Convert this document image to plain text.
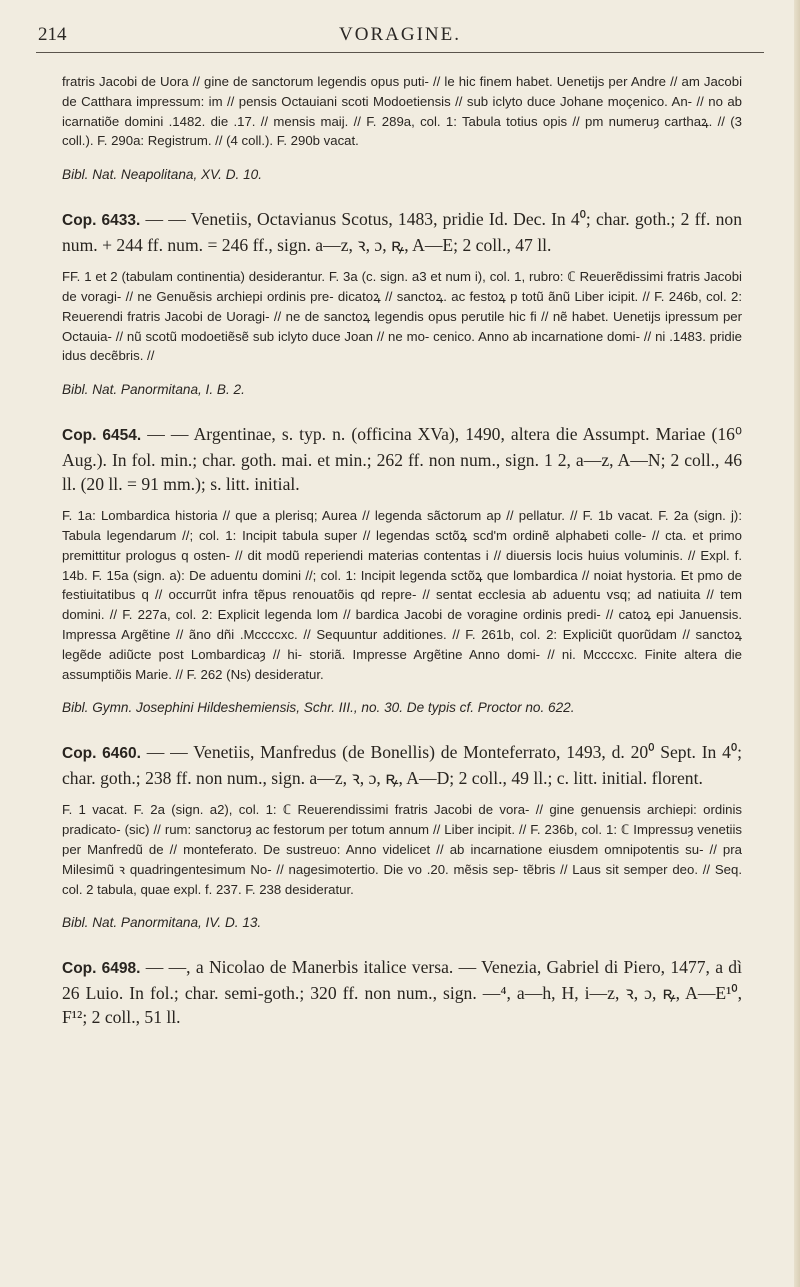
214	VORAGINE.

fratris Jacobi de Uora // gine de sanctorum legendis opus puti- // le hic finem habet. Uenetijs per Andre // am Jacobi de Catthara impressum: im // pensis Octauiani scoti Modoetiensis // sub iclyto duce Johane moçenico. An- // no ab icarnatiõe domini .1482. die .17. // mensis maij. // F. 289a, col. 1: Tabula totius opis // pm numeruȝ carthaꝝ. // (3 coll.). F. 290a: Registrum. // (4 coll.). F. 290b vacat.

Bibl. Nat. Neapolitana, XV. D. 10.

Cop. 6433. — — Venetiis, Octavianus Scotus, 1483, pridie Id. Dec. In 4⁰; char. goth.; 2 ff. non num. + 244 ff. num. = 246 ff., sign. a—z, ꝛ, ɔ, ꝶ, A—E; 2 coll., 47 ll.

FF. 1 et 2 (tabulam continentia) desiderantur. F. 3a (c. sign. a3 et num i), col. 1, rubro: ℂ Reuerẽdissimi fratris Jacobi de voragi- // ne Genuẽsis archiepi ordinis pre- dicatoꝝ // sanctoꝝ. ac festoꝝ p totũ ãnũ Liber icipit. // F. 246b, col. 2: Reuerendi fratris Jacobi de Uoragi- // ne de sanctoꝝ legendis opus perutile hic fi // nẽ habet. Uenetijs ipressum per Octauia- // nũ scotũ modoetiẽsẽ sub iclyto duce Joan // ne mo- cenico. Anno ab incarnatione domi- // ni .1483. pridie idus decẽbris. //

Bibl. Nat. Panormitana, I. B. 2.

Cop. 6454. — — Argentinae, s. typ. n. (officina XVa), 1490, altera die Assumpt. Mariae (16⁰ Aug.). In fol. min.; char. goth. mai. et min.; 262 ff. non num., sign. 1 2, a—z, A—N; 2 coll., 46 ll. (20 ll. = 91 mm.); s. litt. initial.

F. 1a: Lombardica historia // que a plerisq; Aurea // legenda sãctorum ap // pellatur. // F. 1b vacat. F. 2a (sign. j): Tabula legendarum //; col. 1: Incipit tabula super // legendas sctõꝝ scd'm ordinẽ alphabeti colle- // cta. et primo premittitur prologus q osten- // dit modũ reperiendi materias contentas i // diuersis locis huius voluminis. // Expl. f. 14b. F. 15a (sign. a): De aduentu domini //; col. 1: Incipit legenda sctõꝝ que lombardica // noiat hystoria. Et pmo de festiuitatibus q // occurrũt infra tẽpus renouatõis qd repre- // sentat ecclesia ab aduentu vsq; ad natiuita // tem domini. // F. 227a, col. 2: Explicit legenda lom // bardica Jacobi de voragine ordinis predi- // catoꝝ epi Januensis. Impressa Argẽtine // ãno dñi .Mccccxc. // Sequuntur additiones. // F. 261b, col. 2: Expliciũt quorũdam // sanctoꝝ legẽde adiũcte post Lombardicaȝ // hi- storiã. Impresse Argẽtine Anno domi- // ni. Mccccxc. Finite altera die assumptiõis Marie. // F. 262 (Ns) desideratur.

Bibl. Gymn. Josephini Hildeshemiensis, Schr. III., no. 30. De typis cf. Proctor no. 622.

Cop. 6460. — — Venetiis, Manfredus (de Bonellis) de Monteferrato, 1493, d. 20⁰ Sept. In 4⁰; char. goth.; 238 ff. non num., sign. a—z, ꝛ, ɔ, ꝶ, A—D; 2 coll., 49 ll.; c. litt. initial. florent.

F. 1 vacat. F. 2a (sign. a2), col. 1: ℂ Reuerendissimi fratris Jacobi de vora- // gine genuensis archiepi: ordinis pradicato- (sic) // rum: sanctoruȝ ac festorum per totum annum // Liber incipit. // F. 236b, col. 1: ℂ Impressuȝ venetiis per Manfredũ de // monteferato. De sustreuo: Anno videlicet // ab incarnatione eiusdem omnipotentis su- // pra Milesimũ ꝛ quadringentesimum No- // nagesimotertio. Die vo .20. mẽsis sep- tẽbris // Laus sit semper deo. // Seq. col. 2 tabula, quae expl. f. 237. F. 238 desideratur.

Bibl. Nat. Panormitana, IV. D. 13.

Cop. 6498. — —, a Nicolao de Manerbis italice versa. — Venezia, Gabriel di Piero, 1477, a dì 26 Luio. In fol.; char. semi-goth.; 320 ff. non num., sign. —⁴, a—h, H, i—z, ꝛ, ɔ, ꝶ, A—E¹⁰, F¹²; 2 coll., 51 ll.
